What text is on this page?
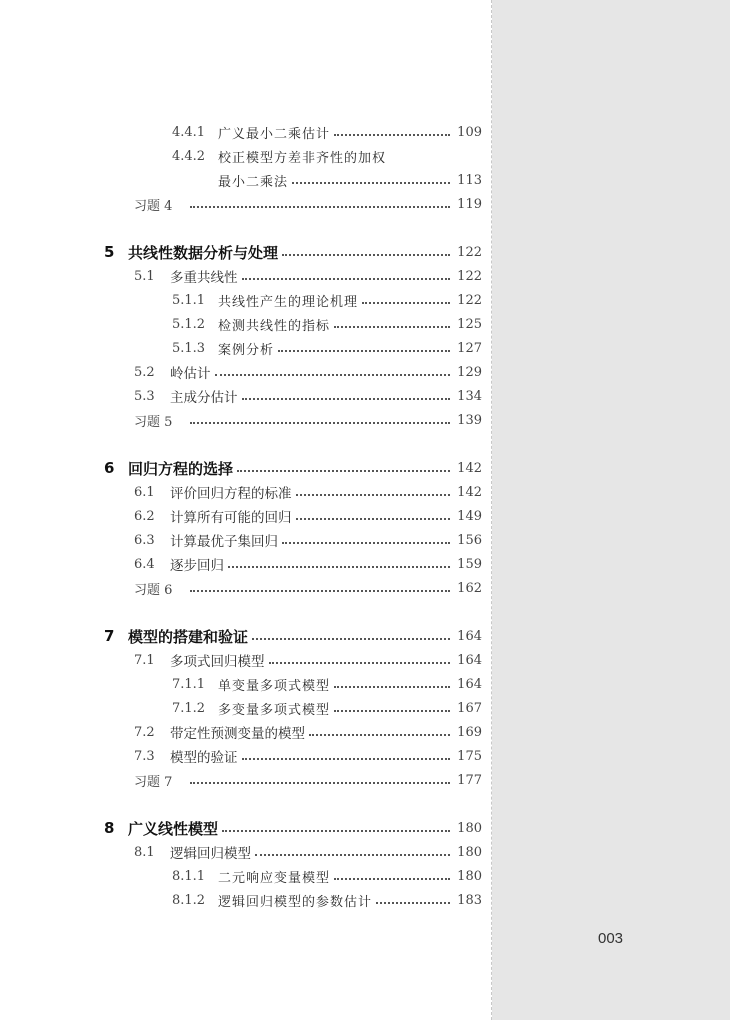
003
4.4.1 广义最小二乘估计	109
4.4.2 校正模型方差非齐性的加权
最小二乘法	113
习题 4	119
5 共线性数据分析与处理	122
5.1	多重共线性	122
5.1.1 共线性产生的理论机理	122
5.1.2 检测共线性的指标	125
5.1.3 案例分析	127
5.2	岭估计	129
5.3	主成分估计	134
习题 5	139
6 回归方程的选择	142
6.1	评价回归方程的标准	142
6.2	计算所有可能的回归	149
6.3	计算最优子集回归	156
6.4	逐步回归	159
习题 6	162
7 模型的搭建和验证	164
7.1	多项式回归模型	164
7.1.1 单变量多项式模型	164
7.1.2 多变量多项式模型	167
7.2	带定性预测变量的模型	169
7.3	模型的验证	175
习题 7	177
8 广义线性模型	180
8.1	逻辑回归模型	180
8.1.1 二元响应变量模型	180
8.1.2 逻辑回归模型的参数估计	183
